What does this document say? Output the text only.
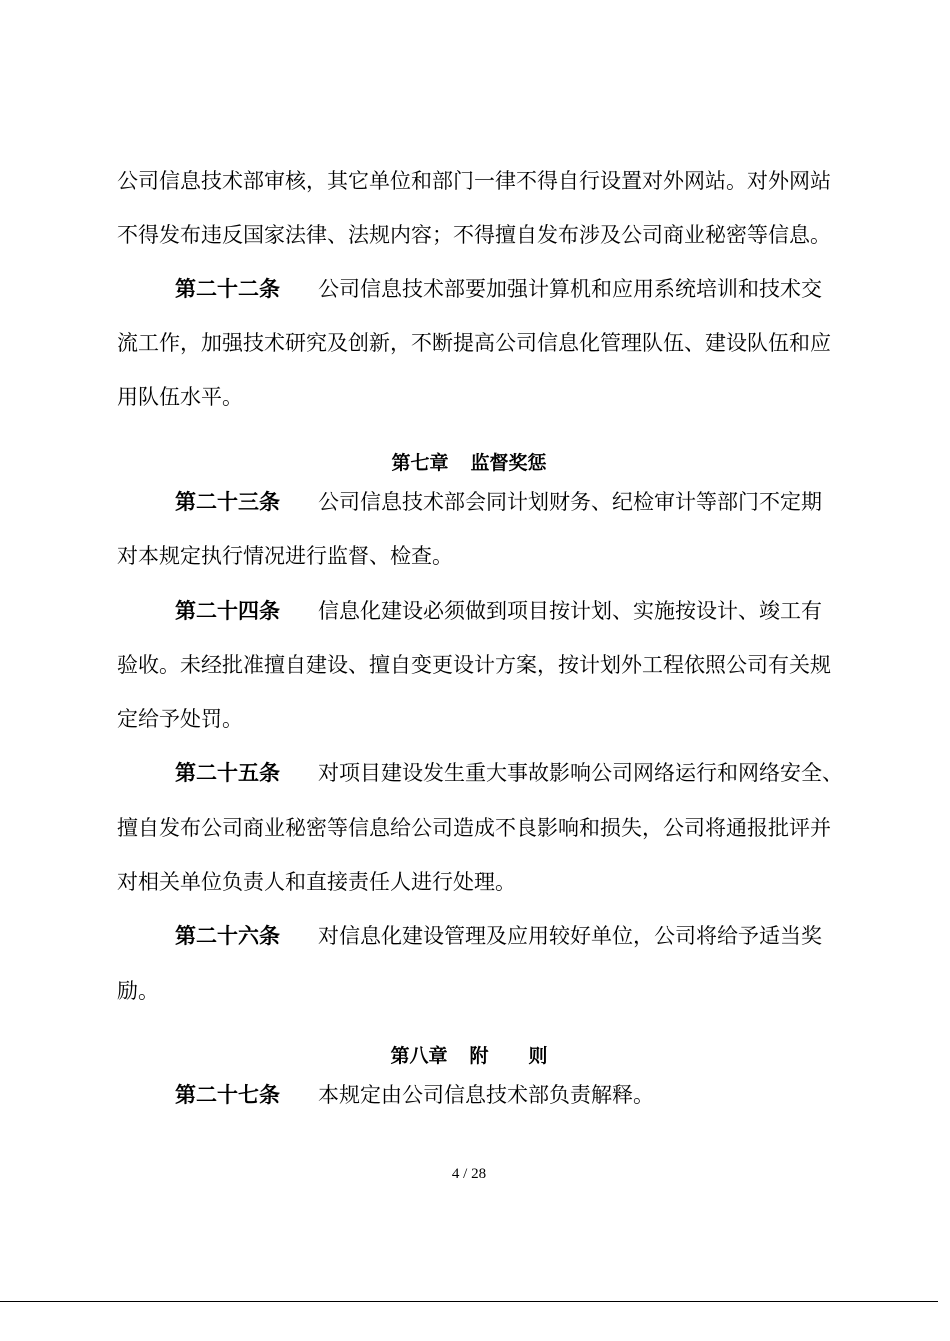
公司信息技术部审核，其它单位和部门一律不得自行设置对外网站。对外网站
不得发布违反国家法律、法规内容；不得擅自发布涉及公司商业秘密等信息。
第二十二条 公司信息技术部要加强计算机和应用系统培训和技术交
流工作，加强技术研究及创新，不断提高公司信息化管理队伍、建设队伍和应
用队伍水平。
第七章 监督奖惩
第二十三条 公司信息技术部会同计划财务、纪检审计等部门不定期
对本规定执行情况进行监督、检查。
第二十四条 信息化建设必须做到项目按计划、实施按设计、竣工有
验收。未经批准擅自建设、擅自变更设计方案，按计划外工程依照公司有关规
定给予处罚。
第二十五条 对项目建设发生重大事故影响公司网络运行和网络安全、
擅自发布公司商业秘密等信息给公司造成不良影响和损失，公司将通报批评并
对相关单位负责人和直接责任人进行处理。
第二十六条 对信息化建设管理及应用较好单位，公司将给予适当奖
励。
第八章 附 则
第二十七条 本规定由公司信息技术部负责解释。
4 / 28
